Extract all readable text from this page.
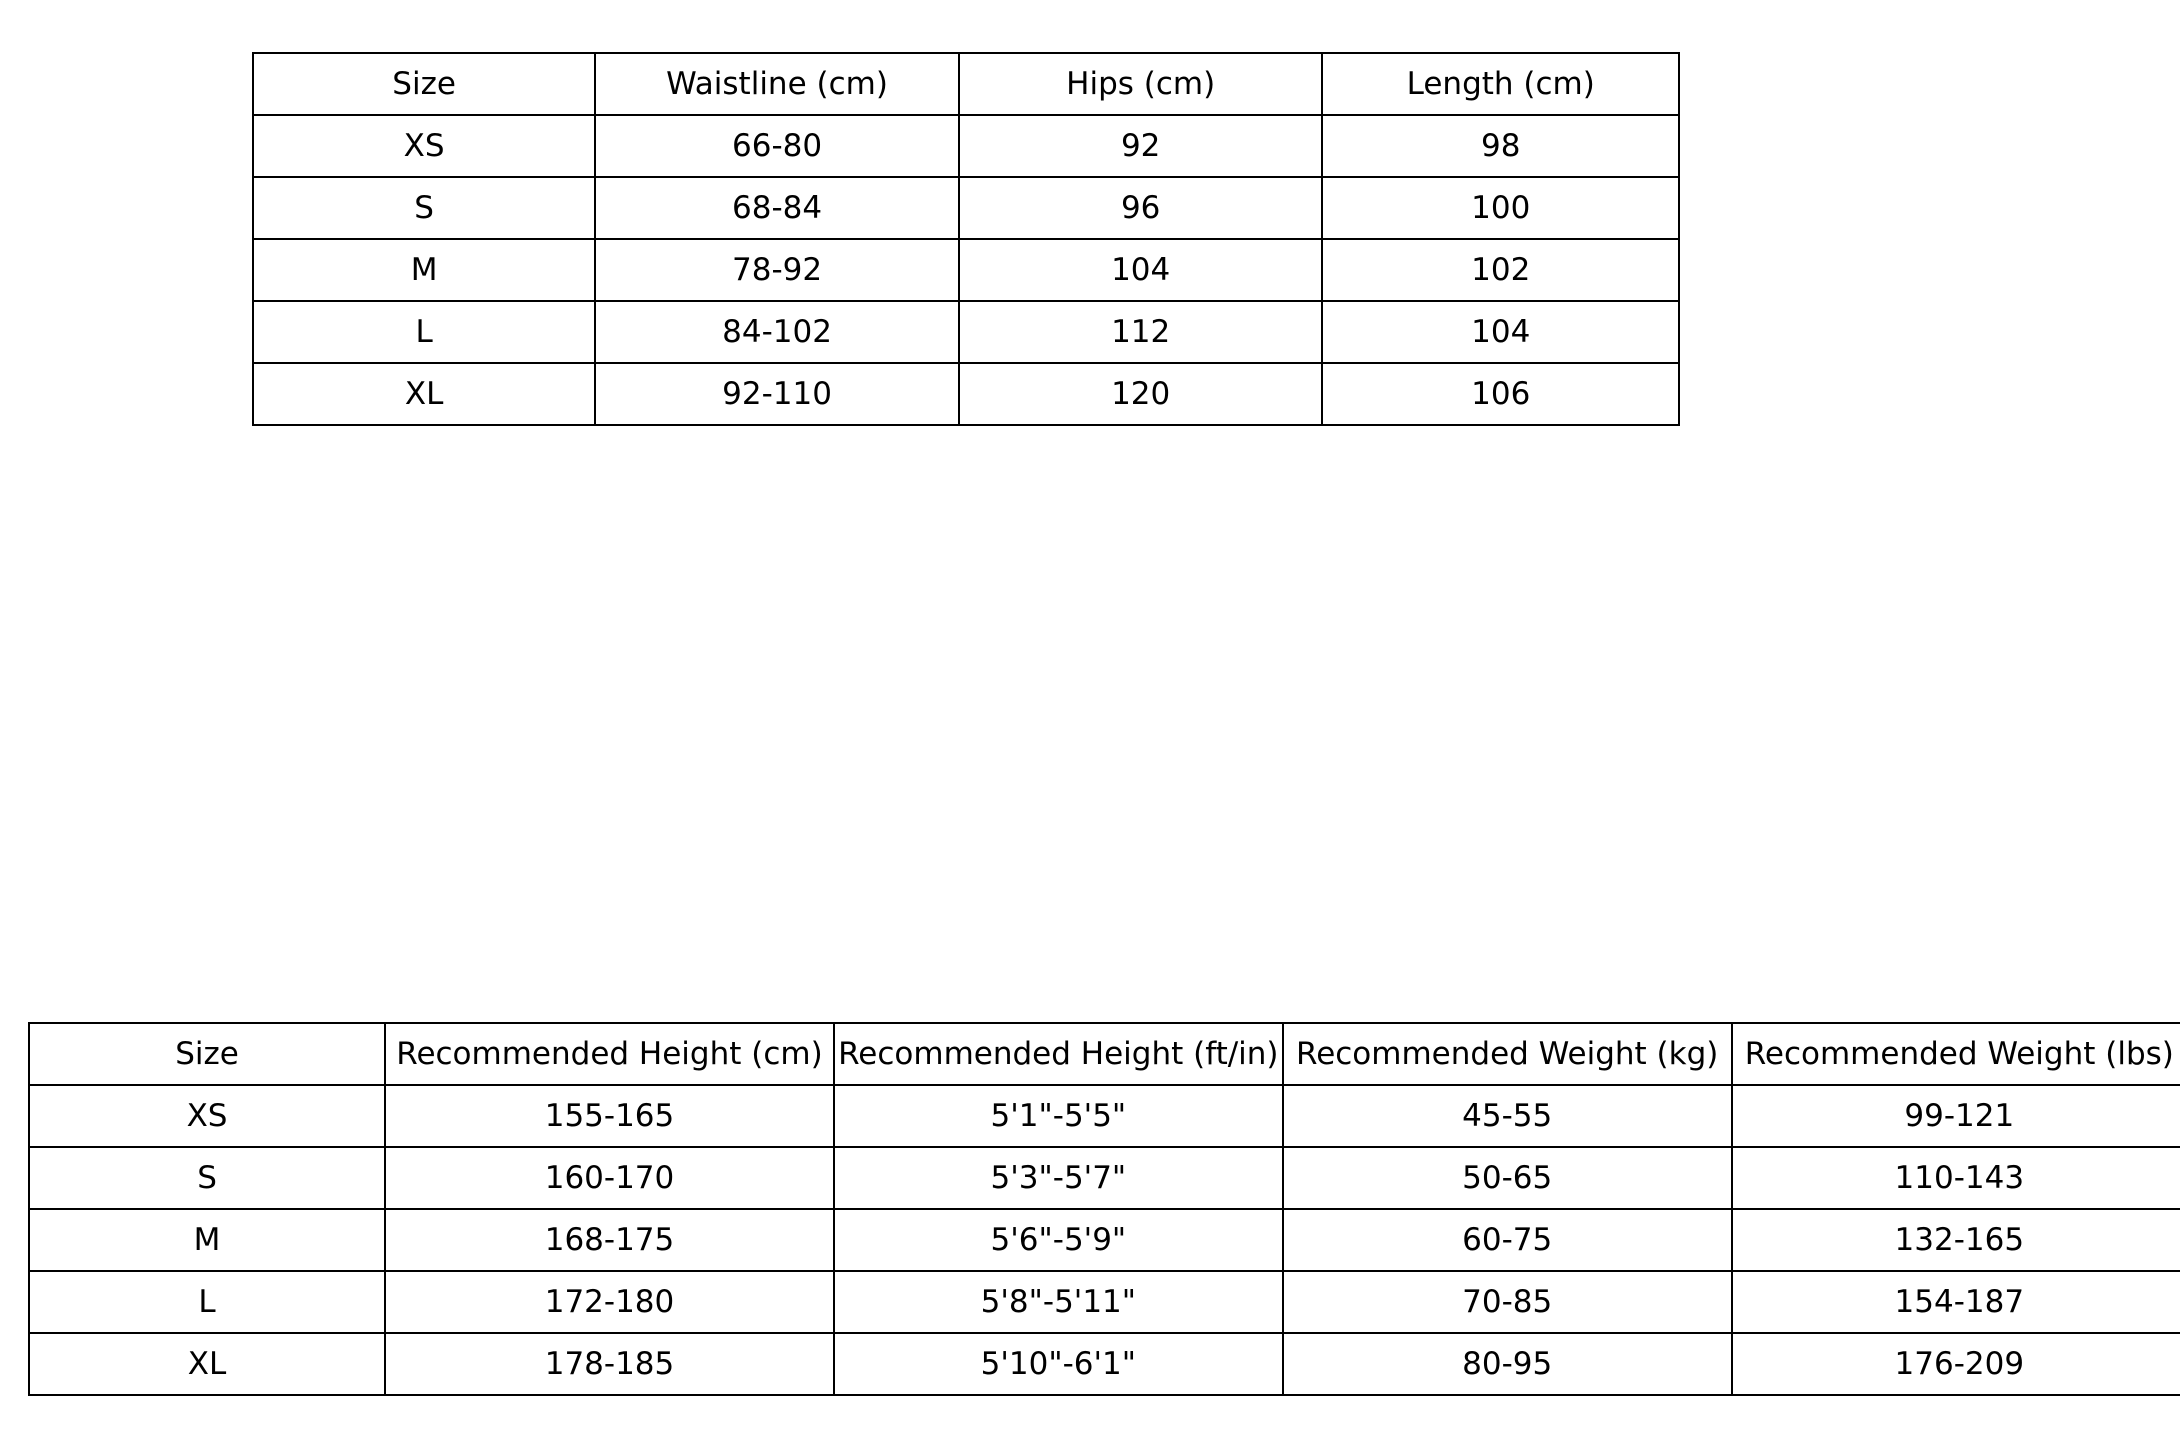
Size	Waistline (cm)	Hips (cm)	Length (cm)
XS	66-80	92	98
S	68-84	96	100
M	78-92	104	102
L	84-102	112	104
XL	92-110	120	106
Size	Recommended Height (cm)	Recommended Height (ft/in)	Recommended Weight (kg)	Recommended Weight (lbs)
XS	155-165	5'1"-5'5"	45-55	99-121
S	160-170	5'3"-5'7"	50-65	110-143
M	168-175	5'6"-5'9"	60-75	132-165
L	172-180	5'8"-5'11"	70-85	154-187
XL	178-185	5'10"-6'1"	80-95	176-209
